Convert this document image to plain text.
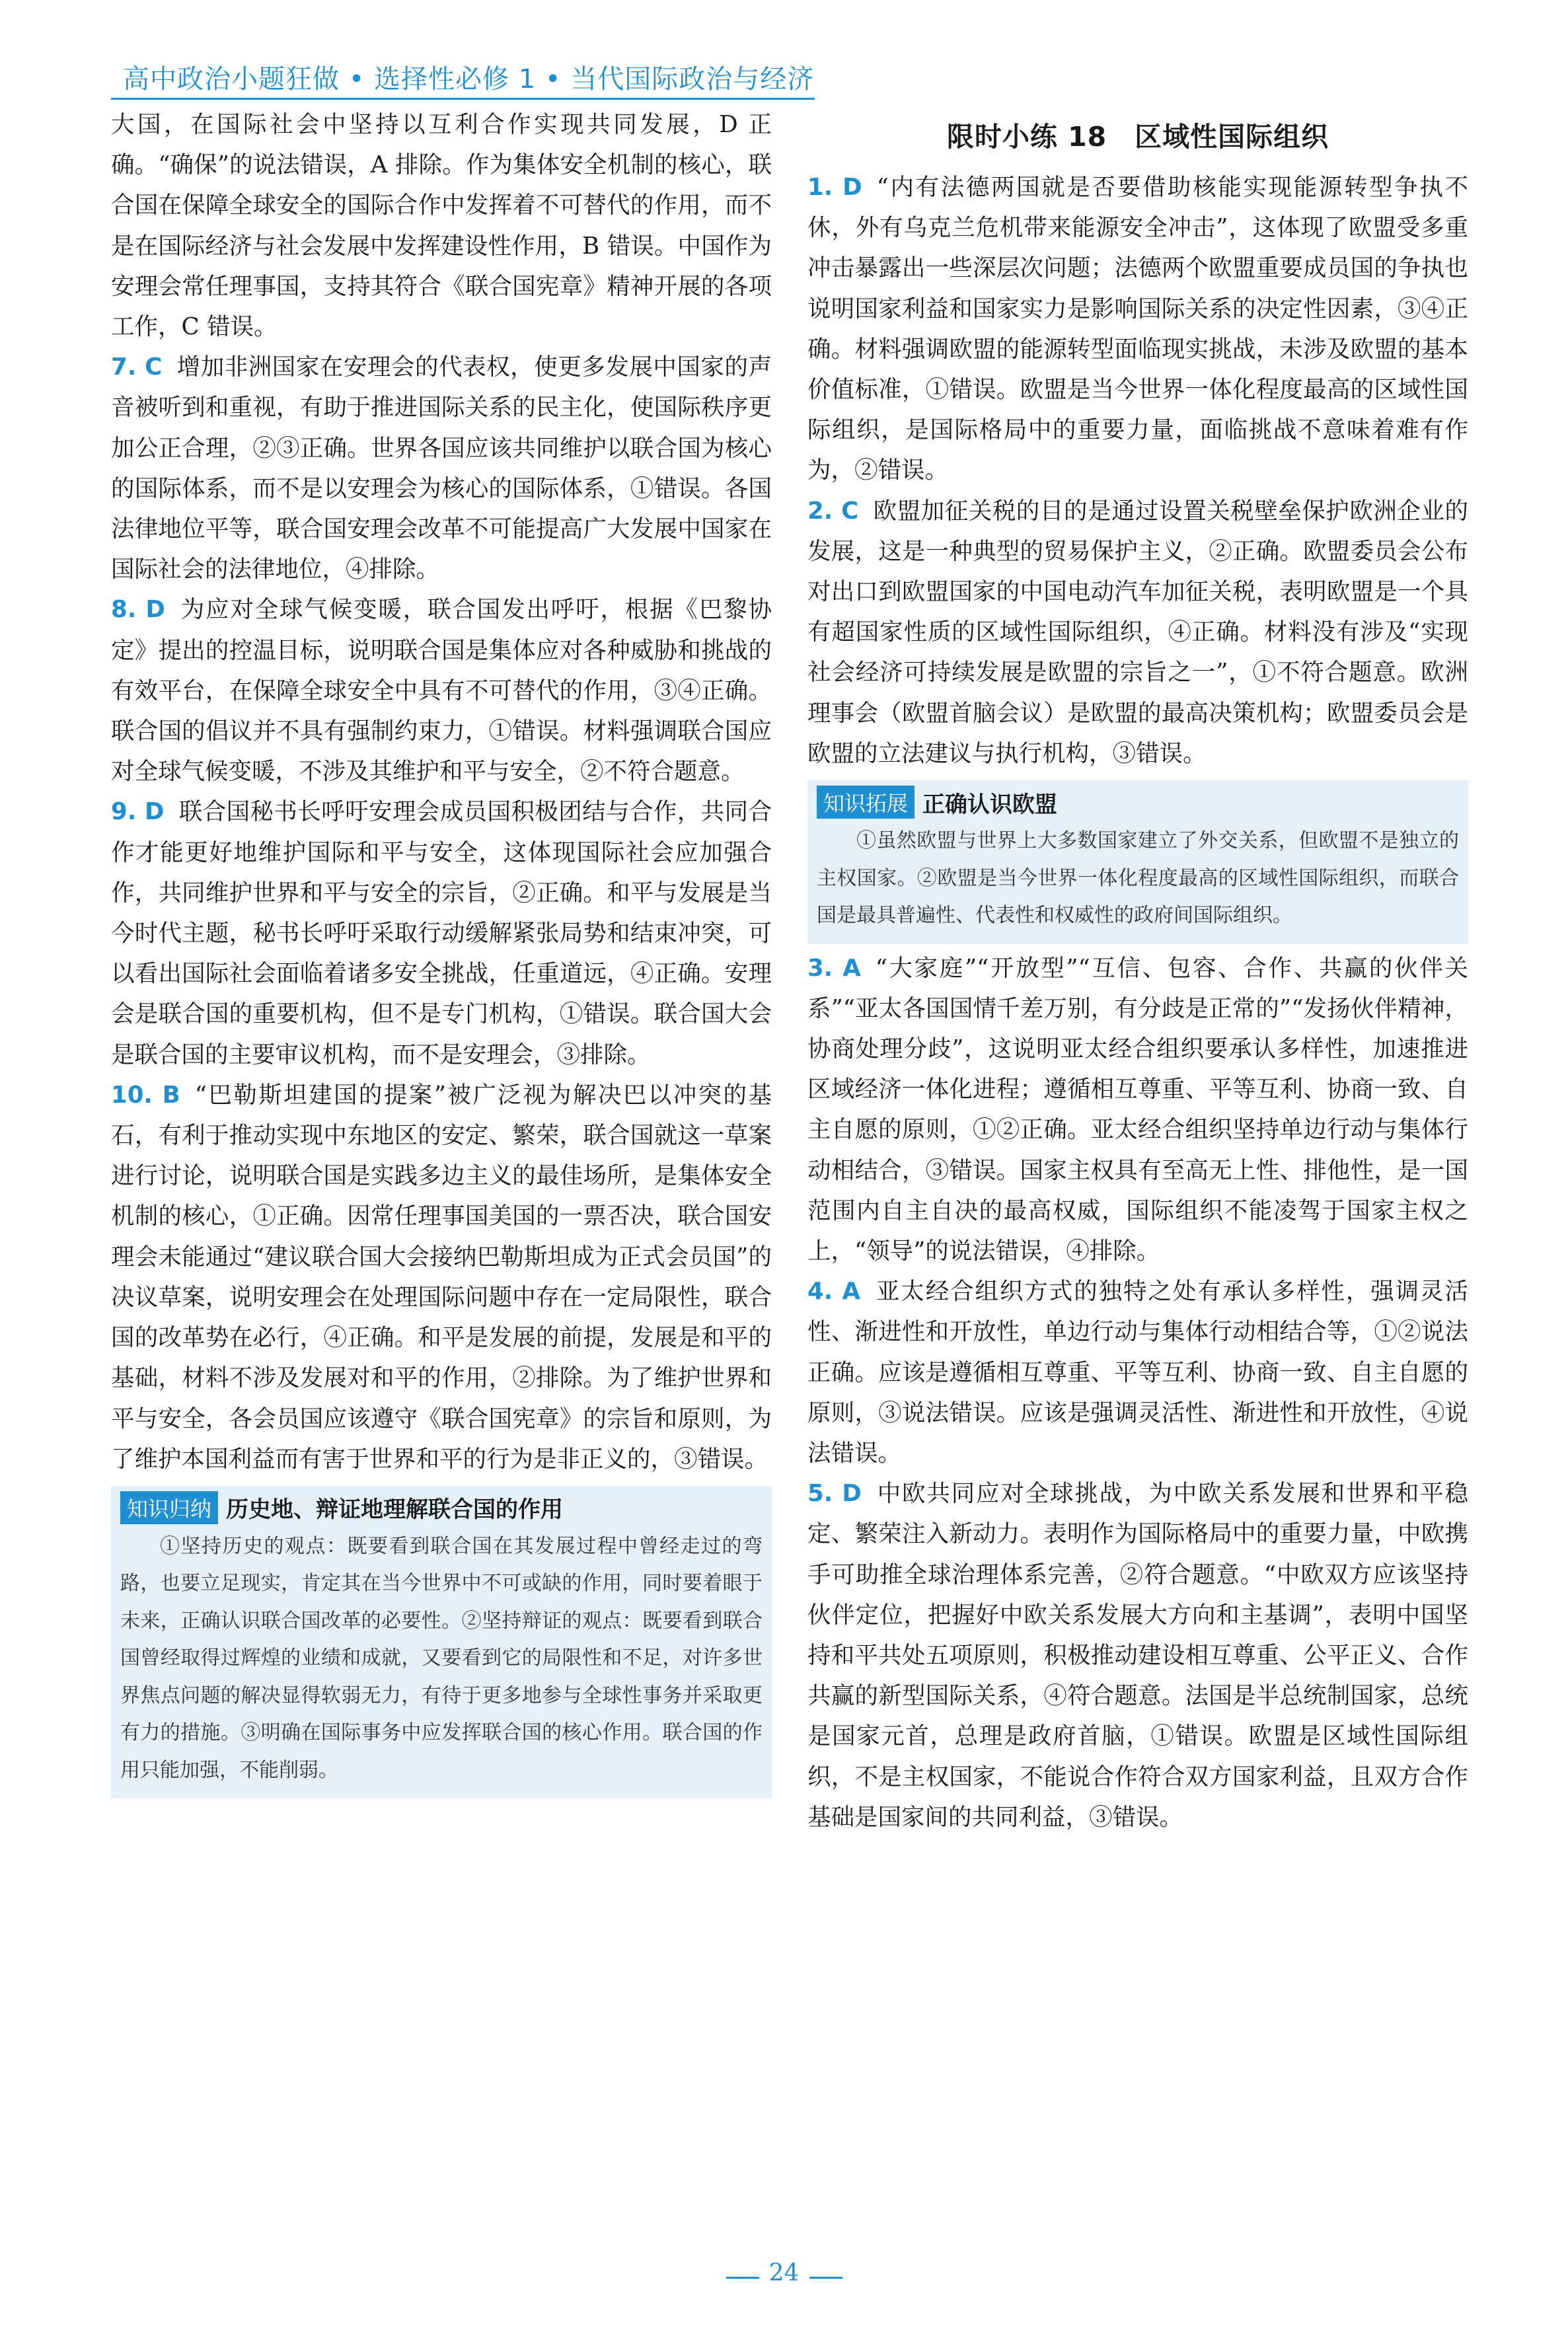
高中政治小题狂做 • 选择性必修 1 • 当代国际政治与经济

大国，在国际社会中坚持以互利合作实现共同发展，D 正确。“确保”的说法错误，A 排除。作为集体安全机制的核心，联合国在保障全球安全的国际合作中发挥着不可替代的作用，而不是在国际经济与社会发展中发挥建设性作用，B 错误。中国作为安理会常任理事国，支持其符合《联合国宪章》精神开展的各项工作，C 错误。

7. C 增加非洲国家在安理会的代表权，使更多发展中国家的声音被听到和重视，有助于推进国际关系的民主化，使国际秩序更加公正合理，②③正确。世界各国应该共同维护以联合国为核心的国际体系，而不是以安理会为核心的国际体系，①错误。各国法律地位平等，联合国安理会改革不可能提高广大发展中国家在国际社会的法律地位，④排除。

8. D 为应对全球气候变暖，联合国发出呼吁，根据《巴黎协定》提出的控温目标，说明联合国是集体应对各种威胁和挑战的有效平台，在保障全球安全中具有不可替代的作用，③④正确。联合国的倡议并不具有强制约束力，①错误。材料强调联合国应对全球气候变暖，不涉及其维护和平与安全，②不符合题意。

9. D 联合国秘书长呼吁安理会成员国积极团结与合作，共同合作才能更好地维护国际和平与安全，这体现国际社会应加强合作，共同维护世界和平与安全的宗旨，②正确。和平与发展是当今时代主题，秘书长呼吁采取行动缓解紧张局势和结束冲突，可以看出国际社会面临着诸多安全挑战，任重道远，④正确。安理会是联合国的重要机构，但不是专门机构，①错误。联合国大会是联合国的主要审议机构，而不是安理会，③排除。

10. B “巴勒斯坦建国的提案”被广泛视为解决巴以冲突的基石，有利于推动实现中东地区的安定、繁荣，联合国就这一草案进行讨论，说明联合国是实践多边主义的最佳场所，是集体安全机制的核心，①正确。因常任理事国美国的一票否决，联合国安理会未能通过“建议联合国大会接纳巴勒斯坦成为正式会员国”的决议草案，说明安理会在处理国际问题中存在一定局限性，联合国的改革势在必行，④正确。和平是发展的前提，发展是和平的基础，材料不涉及发展对和平的作用，②排除。为了维护世界和平与安全，各会员国应该遵守《联合国宪章》的宗旨和原则，为了维护本国利益而有害于世界和平的行为是非正义的，③错误。

知识归纳 历史地、辩证地理解联合国的作用

①坚持历史的观点：既要看到联合国在其发展过程中曾经走过的弯路，也要立足现实，肯定其在当今世界中不可或缺的作用，同时要着眼于未来，正确认识联合国改革的必要性。②坚持辩证的观点：既要看到联合国曾经取得过辉煌的业绩和成就，又要看到它的局限性和不足，对许多世界焦点问题的解决显得软弱无力，有待于更多地参与全球性事务并采取更有力的措施。③明确在国际事务中应发挥联合国的核心作用。联合国的作用只能加强，不能削弱。

限时小练 18　区域性国际组织

1. D “内有法德两国就是否要借助核能实现能源转型争执不休，外有乌克兰危机带来能源安全冲击”，这体现了欧盟受多重冲击暴露出一些深层次问题；法德两个欧盟重要成员国的争执也说明国家利益和国家实力是影响国际关系的决定性因素，③④正确。材料强调欧盟的能源转型面临现实挑战，未涉及欧盟的基本价值标准，①错误。欧盟是当今世界一体化程度最高的区域性国际组织，是国际格局中的重要力量，面临挑战不意味着难有作为，②错误。

2. C 欧盟加征关税的目的是通过设置关税壁垒保护欧洲企业的发展，这是一种典型的贸易保护主义，②正确。欧盟委员会公布对出口到欧盟国家的中国电动汽车加征关税，表明欧盟是一个具有超国家性质的区域性国际组织，④正确。材料没有涉及“实现社会经济可持续发展是欧盟的宗旨之一”，①不符合题意。欧洲理事会（欧盟首脑会议）是欧盟的最高决策机构；欧盟委员会是欧盟的立法建议与执行机构，③错误。

知识拓展 正确认识欧盟

①虽然欧盟与世界上大多数国家建立了外交关系，但欧盟不是独立的主权国家。②欧盟是当今世界一体化程度最高的区域性国际组织，而联合国是最具普遍性、代表性和权威性的政府间国际组织。

3. A “大家庭”“开放型”“互信、包容、合作、共赢的伙伴关系”“亚太各国国情千差万别，有分歧是正常的”“发扬伙伴精神，协商处理分歧”，这说明亚太经合组织要承认多样性，加速推进区域经济一体化进程；遵循相互尊重、平等互利、协商一致、自主自愿的原则，①②正确。亚太经合组织坚持单边行动与集体行动相结合，③错误。国家主权具有至高无上性、排他性，是一国范围内自主自决的最高权威，国际组织不能凌驾于国家主权之上，“领导”的说法错误，④排除。

4. A 亚太经合组织方式的独特之处有承认多样性，强调灵活性、渐进性和开放性，单边行动与集体行动相结合等，①②说法正确。应该是遵循相互尊重、平等互利、协商一致、自主自愿的原则，③说法错误。应该是强调灵活性、渐进性和开放性，④说法错误。

5. D 中欧共同应对全球挑战，为中欧关系发展和世界和平稳定、繁荣注入新动力。表明作为国际格局中的重要力量，中欧携手可助推全球治理体系完善，②符合题意。“中欧双方应该坚持伙伴定位，把握好中欧关系发展大方向和主基调”，表明中国坚持和平共处五项原则，积极推动建设相互尊重、公平正义、合作共赢的新型国际关系，④符合题意。法国是半总统制国家，总统是国家元首，总理是政府首脑，①错误。欧盟是区域性国际组织，不是主权国家，不能说合作符合双方国家利益，且双方合作基础是国家间的共同利益，③错误。

24
